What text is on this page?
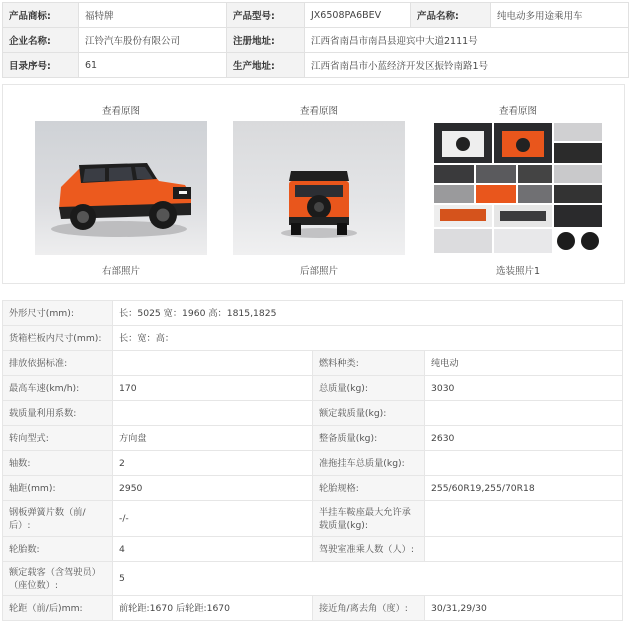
产品商标:	福特牌	产品型号:	JX6508PA6BEV	产品名称:	纯电动多用途乘用车
企业名称:	江铃汽车股份有限公司	注册地址:	江西省南昌市南昌县迎宾中大道2111号		
目录序号:	61	生产地址:	江西省南昌市小蓝经济开发区振铃南路1号		
查看原图
右部照片
查看原图
后部照片
查看原图
选装照片1
外形尺寸(mm):	长：5025 宽：1960 高：1815,1825		
货箱栏板内尺寸(mm):	长：宽：高：		
排放依据标准:		燃料种类:	纯电动
最高车速(km/h):	170	总质量(kg):	3030
载质量利用系数:		额定载质量(kg):	
转向型式:	方向盘	整备质量(kg):	2630
轴数:	2	准拖挂车总质量(kg):	
轴距(mm):	2950	轮胎规格:	255/60R19,255/70R18
钢板弹簧片数（前/后）:	-/-	半挂车鞍座最大允许承载质量(kg):	
轮胎数:	4	驾驶室准乘人数（人）:	
额定载客（含驾驶员）（座位数）:	5		
轮距（前/后)mm:	前轮距:1670 后轮距:1670	接近角/离去角（度）:	30/31,29/30
